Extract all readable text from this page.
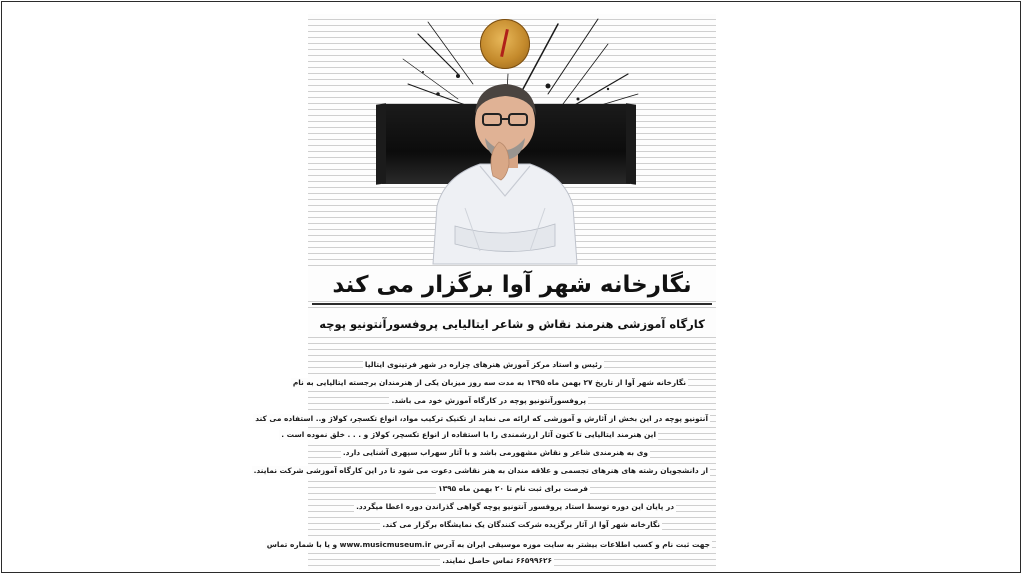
نگارخانه شهر آوا برگزار می کند
کارگاه آموزشی هنرمند نقاش و شاعر ایتالیایی پروفسورآنتونیو پوچه
رئیس و استاد مرکز آموزش هنرهای چزاره در شهر فرتینوی ایتالیا
نگارخانه شهر آوا از تاریخ ۲۷ بهمن ماه ۱۳۹۵ به مدت سه روز میزبان یکی از هنرمندان برجسته ایتالیایی به نام
پروفسورآنتونیو پوچه در کارگاه آموزش خود می باشد.
آنتونیو پوچه در این بخش از آثارش و آموزشی که ارائه می نماید از تکنیک ترکیب مواد، انواع تکسچر، کولاژ و.. استفاده می کند
این هنرمند ایتالیایی تا کنون آثار ارزشمندی را با استفاده از انواع تکسچر، کولاژ و . . . خلق نموده است .
وی به هنرمندی شاعر و نقاش مشهورمی باشد و با آثار سهراب سپهری آشنایی دارد.
از دانشجویان رشته های هنرهای تجسمی و علاقه مندان به هنر نقاشی دعوت می شود تا در این کارگاه آموزشی شرکت نمایند.
فرصت برای ثبت نام تا ۲۰ بهمن ماه ۱۳۹۵
در پایان این دوره توسط استاد پروفسور آنتونیو پوچه گواهی گذراندن دوره اعطا میگردد.
نگارخانه شهر آوا از آثار برگزیده شرکت کنندگان یک نمایشگاه برگزار می کند.
جهت ثبت نام و کسب اطلاعات بیشتر به سایت موزه موسیقی ایران به آدرس www.musicmuseum.ir و یا با شماره تماس
۶۶۵۹۹۶۲۶ تماس حاصل نمایند.
